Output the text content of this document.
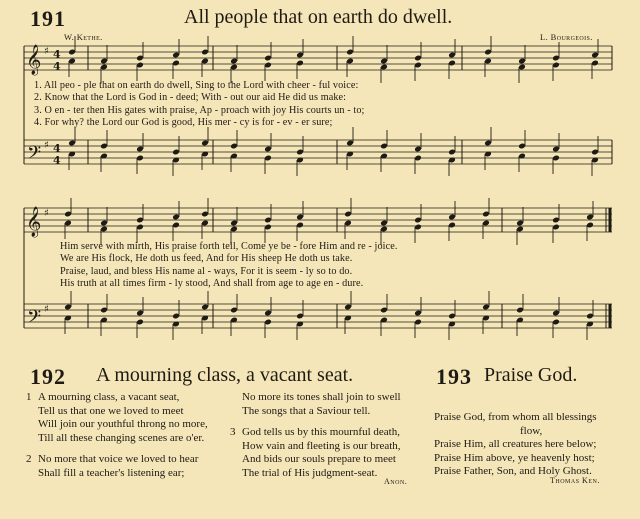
191	All people that on earth do dwell.
W. Kethe.	L. Bourgeois.
𝄞
𝄢
♯
♯
4
4
4
4
1. All peo - ple that on earth do dwell, Sing to the Lord with cheer - ful voice:
2. Know that the Lord is God in - deed; With - out our aid He did us make:
3. O en - ter then His gates with praise, Ap - proach with joy His courts un - to;
4. For why? the Lord our God is good, His mer - cy is for - ev - er sure;
𝄞
𝄢
♯
♯
Him serve with mirth, His praise forth tell, Come ye be - fore Him and re - joice.
We are His flock, He doth us feed, And for His sheep He doth us take.
Praise, laud, and bless His name al - ways, For it is seem - ly so to do.
His truth at all times firm - ly stood, And shall from age to age en - dure.
192 A mourning class, a vacant seat.
1 A mourning class, a vacant seat,
Tell us that one we loved to meet
Will join our youthful throng no more,
Till all these changing scenes are o'er.
2 No more that voice we loved to hear
Shall fill a teacher's listening ear;
No more its tones shall join to swell
The songs that a Saviour tell.
3 God tells us by this mournful death,
How vain and fleeting is our breath,
And bids our souls prepare to meet
The trial of His judgment-seat.
Anon.
193 Praise God.
Praise God, from whom all blessings
flow,
Praise Him, all creatures here below;
Praise Him above, ye heavenly host;
Praise Father, Son, and Holy Ghost.
Thomas Ken.
